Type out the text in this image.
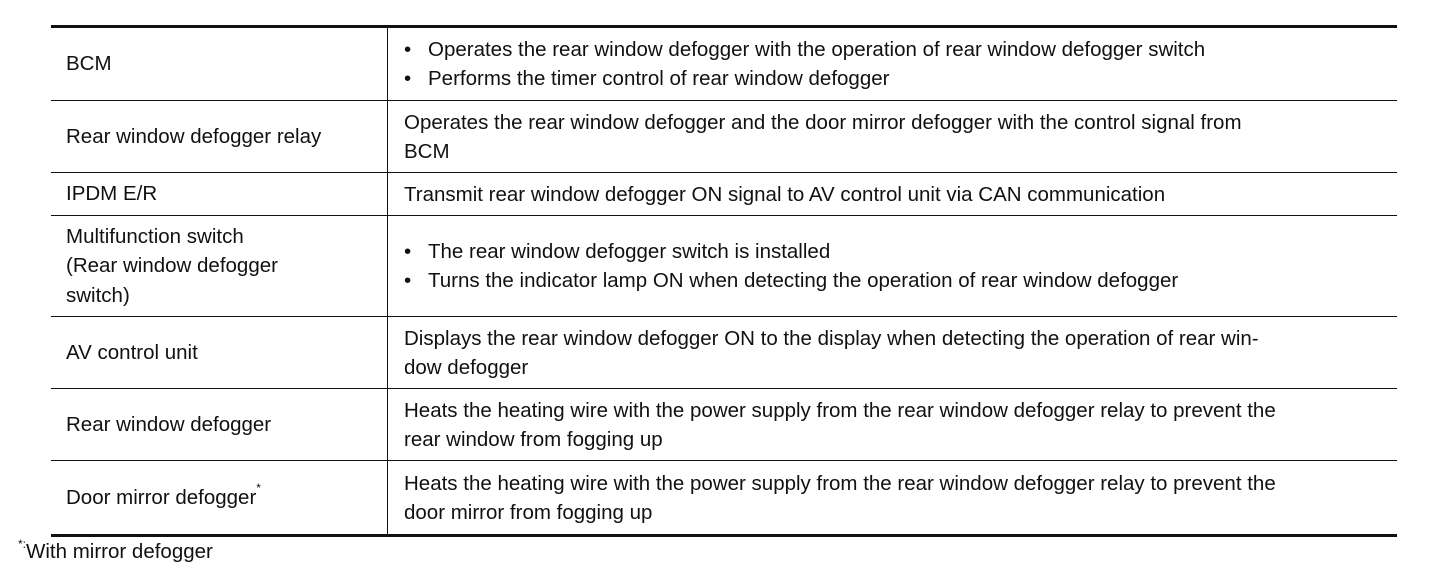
BCM
• Operates the rear window defogger with the operation of rear window defogger switch
• Performs the timer control of rear window defogger
Rear window defogger relay
Operates the rear window defogger and the door mirror defogger with the control signal from
BCM
IPDM E/R	Transmit rear window defogger ON signal to AV control unit via CAN communication
Multifunction switch
(Rear window defogger
switch)
• The rear window defogger switch is installed
• Turns the indicator lamp ON when detecting the operation of rear window defogger
AV control unit
Displays the rear window defogger ON to the display when detecting the operation of rear win-
dow defogger
Rear window defogger
Heats the heating wire with the power supply from the rear window defogger relay to prevent the
rear window from fogging up
Door mirror defogger*	Heats the heating wire with the power supply from the rear window defogger relay to prevent the
door mirror from fogging up
*:With mirror defogger
